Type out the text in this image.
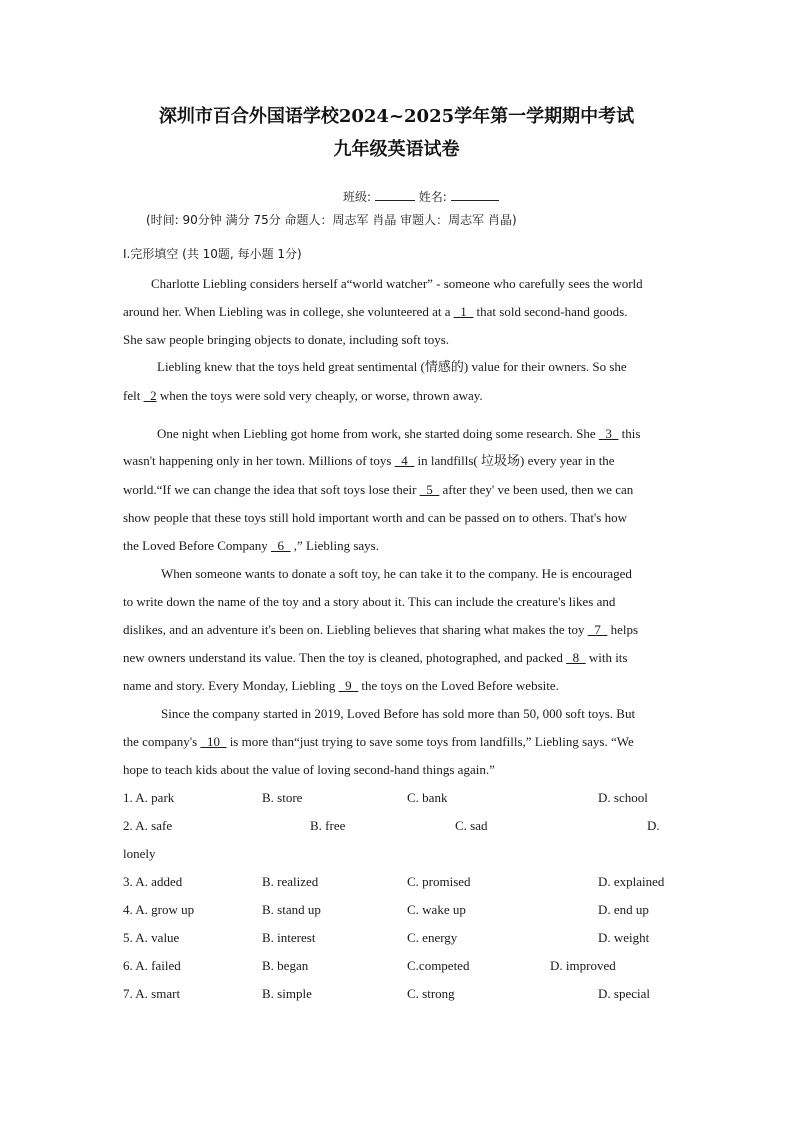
深圳市百合外国语学校2024~2025学年第一学期期中考试
九年级英语试卷
班级:	姓名:
(时间: 90分钟 满分 75分 命题人：周志军 肖晶 审题人：周志军 肖晶)
I.完形填空 (共 10题, 每小题 1分)
Charlotte Liebling considers herself a“world watcher” - someone who carefully sees the world
around her. When Liebling was in college, she volunteered at a _1_ that sold second-hand goods.
She saw people bringing objects to donate, including soft toys.
Liebling knew that the toys held great sentimental (情感的) value for their owners. So she
felt _2 when the toys were sold very cheaply, or worse, thrown away.
One night when Liebling got home from work, she started doing some research. She _3_ this
wasn't happening only in her town. Millions of toys _4_ in landfills( 垃圾场) every year in the
world.“If we can change the idea that soft toys lose their _5_ after they' ve been used, then we can
show people that these toys still hold important worth and can be passed on to others. That's how
the Loved Before Company _6_ ,” Liebling says.
When someone wants to donate a soft toy, he can take it to the company. He is encouraged
to write down the name of the toy and a story about it. This can include the creature's likes and
dislikes, and an adventure it's been on. Liebling believes that sharing what makes the toy _7_ helps
new owners understand its value. Then the toy is cleaned, photographed, and packed _8_ with its
name and story. Every Monday, Liebling _9_ the toys on the Loved Before website.
Since the company started in 2019, Loved Before has sold more than 50, 000 soft toys. But
the company's _10_ is more than“just trying to save some toys from landfills,” Liebling says. “We
hope to teach kids about the value of loving second-hand things again.”
1. A. park	B. store	C. bank	D. school
2. A. safe	B. free	C. sad	D.
lonely
3. A. added	B. realized	C. promised	D. explained
4. A. grow up	B. stand up	C. wake up	D. end up
5. A. value	B. interest	C. energy	D. weight
6. A. failed	B. began	C.competed	D. improved
7. A. smart	B. simple	C. strong	D. special
